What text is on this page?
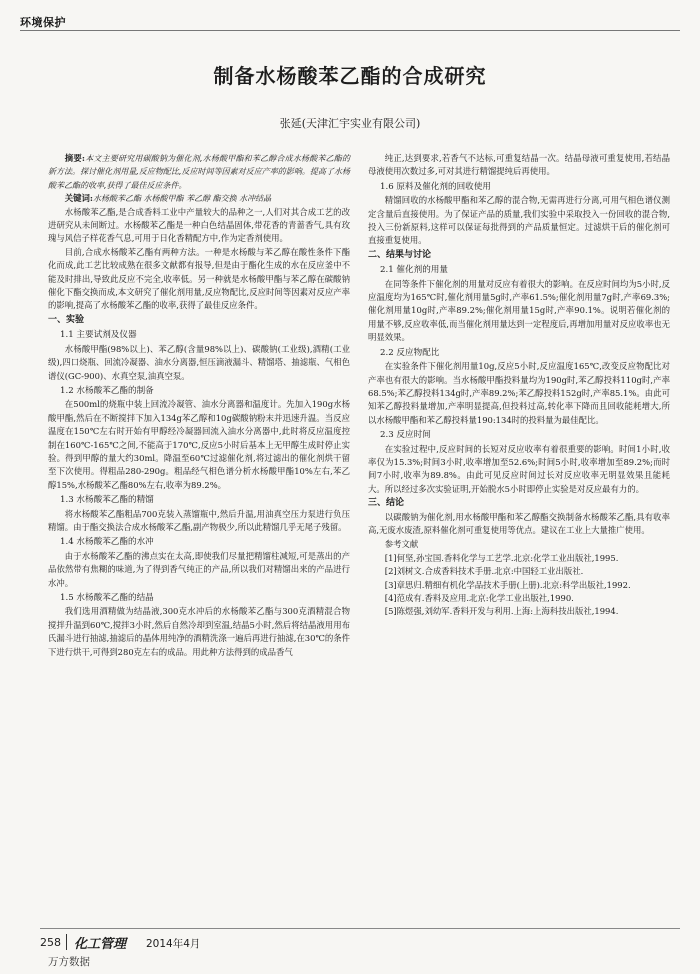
环境保护
制备水杨酸苯乙酯的合成研究
张延(天津汇宇实业有限公司)

摘要:本文主要研究用碳酸钠为催化剂,水杨酸甲酯和苯乙醇合成水杨酸苯乙酯的新方法。探讨催化剂用量,反应物配比,反应时间等因素对反应产率的影响。提高了水杨酸苯乙酯的收率,获得了最佳反应条件。

关键词:水杨酸苯乙酯 水杨酸甲酯 苯乙醇 酯交换 水冲结晶

水杨酸苯乙酯,是合成香料工业中产量较大的品种之一,人们对其合成工艺的改进研究从未间断过。水杨酸苯乙酯是一种白色结晶固体,带花香的青蔷香气,具有玫瑰与风信子样花香气息,可用于日化香精配方中,作为定香剂使用。

目前,合成水杨酸苯乙酯有两种方法。一种是水杨酸与苯乙醇在酸性条件下酯化而成,此工艺比较成熟在很多文献都有报导,但是由于酯化生成的水在反应釜中不能及时排出,导致此反应不完全,收率低。另一种就是水杨酸甲酯与苯乙醇在碳酸钠催化下酯交换而成,本文研究了催化剂用量,反应物配比,反应时间等因素对反应产率的影响,提高了水杨酸苯乙酯的收率,获得了最佳反应条件。

一、实验
1.1 主要试剂及仪器

水杨酸甲酯(98%以上)、苯乙醇(含量98%以上)、碳酸钠(工业级),酒精(工业级),四口烧瓶、回流冷凝器、油水分离器,恒压滴液漏斗、精馏塔、抽滤瓶、气相色谱仪(GC-900)、水真空泵,油真空泵。

1.2 水杨酸苯乙酯的制备

在500ml的烧瓶中装上回流冷凝管、油水分离器和温度计。先加入190g水杨酸甲酯,然后在不断搅拌下加入134g苯乙醇和10g碳酸钠粉末并迅速升温。当反应温度在150℃左右时开始有甲醇经冷凝器回流入油水分离器中,此时将反应温度控制在160℃-165℃之间,不能高于170℃,反应5小时后基本上无甲醇生成时停止实验。得到甲醇的量大约30ml。降温至60℃过滤催化剂,将过滤出的催化剂烘干留至下次使用。得粗品280-290g。粗品经气相色谱分析水杨酸甲酯10%左右,苯乙醇15%,水杨酸苯乙酯80%左右,收率为89.2%。

1.3 水杨酸苯乙酯的精馏

将水杨酸苯乙酯粗品700克装入蒸馏瓶中,然后升温,用油真空压力泵进行负压精馏。由于酯交换法合成水杨酸苯乙酯,副产物极少,所以此精馏几乎无尾子残留。

1.4 水杨酸苯乙酯的水冲

由于水杨酸苯乙酯的沸点实在太高,即使我们尽量把精馏柱减短,可是蒸出的产品依然带有焦糊的味道,为了得到香气纯正的产品,所以我们对精馏出来的产品进行水冲。

1.5 水杨酸苯乙酯的结晶

我们选用酒精做为结晶液,300克水冲后的水杨酸苯乙酯与300克酒精混合物搅拌升温到60℃,搅拌3小时,然后自然冷却到室温,结晶5小时,然后将结晶液用用布氏漏斗进行抽滤,抽滤后的晶体用纯净的酒精洗涤一遍后再进行抽滤,在30℃的条件下进行烘干,可得到280克左右的成品。用此种方法得到的成品香气

纯正,达到要求,若香气不达标,可重复结晶一次。结晶母液可重复使用,若结晶母液使用次数过多,可对其进行精馏提纯后再使用。

1.6 原料及催化剂的回收使用

精馏回收的水杨酸甲酯和苯乙醇的混合物,无需再进行分离,可用气相色谱仪测定含量后直接使用。为了保证产品的质量,我们实验中采取投入一份回收的混合物,投入三份新原料,这样可以保证每批得到的产品质量恒定。过滤烘干后的催化剂可直接重复使用。

二、结果与讨论
2.1 催化剂的用量

在同等条件下催化剂的用量对反应有着很大的影响。在反应时间均为5小时,反应温度均为165℃时,催化剂用量5g时,产率61.5%;催化剂用量7g时,产率69.3%;催化剂用量10g时,产率89.2%;催化剂用量15g时,产率90.1%。说明若催化剂的用量不够,反应收率低,而当催化剂用量达到一定程度后,再增加用量对反应收率也无明显效果。

2.2 反应物配比

在实验条件下催化剂用量10g,反应5小时,反应温度165℃,改变反应物配比对产率也有很大的影响。当水杨酸甲酯投料量均为190g时,苯乙醇投料110g时,产率68.5%;苯乙醇投料134g时,产率89.2%;苯乙醇投料152g时,产率85.1%。由此可知苯乙醇投料量增加,产率明显提高,但投料过高,转化率下降而且回收能耗增大,所以水杨酸甲酯和苯乙醇投料量190:134时的投料量为最佳配比。

2.3 反应时间

在实验过程中,反应时间的长短对反应收率有着很重要的影响。时间1小时,收率仅为15.3%;时间3小时,收率增加至52.6%;时间5小时,收率增加至89.2%;而时间7小时,收率为89.8%。由此可见反应时间过长对反应收率无明显效果且能耗大。所以经过多次实验证明,开始脱水5小时即停止实验是对反应最有力的。

三、结论

以碳酸钠为催化剂,用水杨酸甲酯和苯乙醇酯交换制备水杨酸苯乙酯,具有收率高,无废水废渣,原料催化剂可重复使用等优点。建议在工业上大量推广使用。

参考文献

[1]何坚,孙宝国.香料化学与工艺学.北京:化学工业出版社,1995.

[2]刘树文.合成香料技术手册.北京:中国轻工业出版社.

[3]章思归.精细有机化学品技术手册(上册).北京:科学出版社,1992.

[4]范成有.香料及应用.北京:化学工业出版社,1990.

[5]陈煜强,刘幼军.香料开发与利用.上海:上海科技出版社,1994.

258 化工管理 2014年4月
万方数据
